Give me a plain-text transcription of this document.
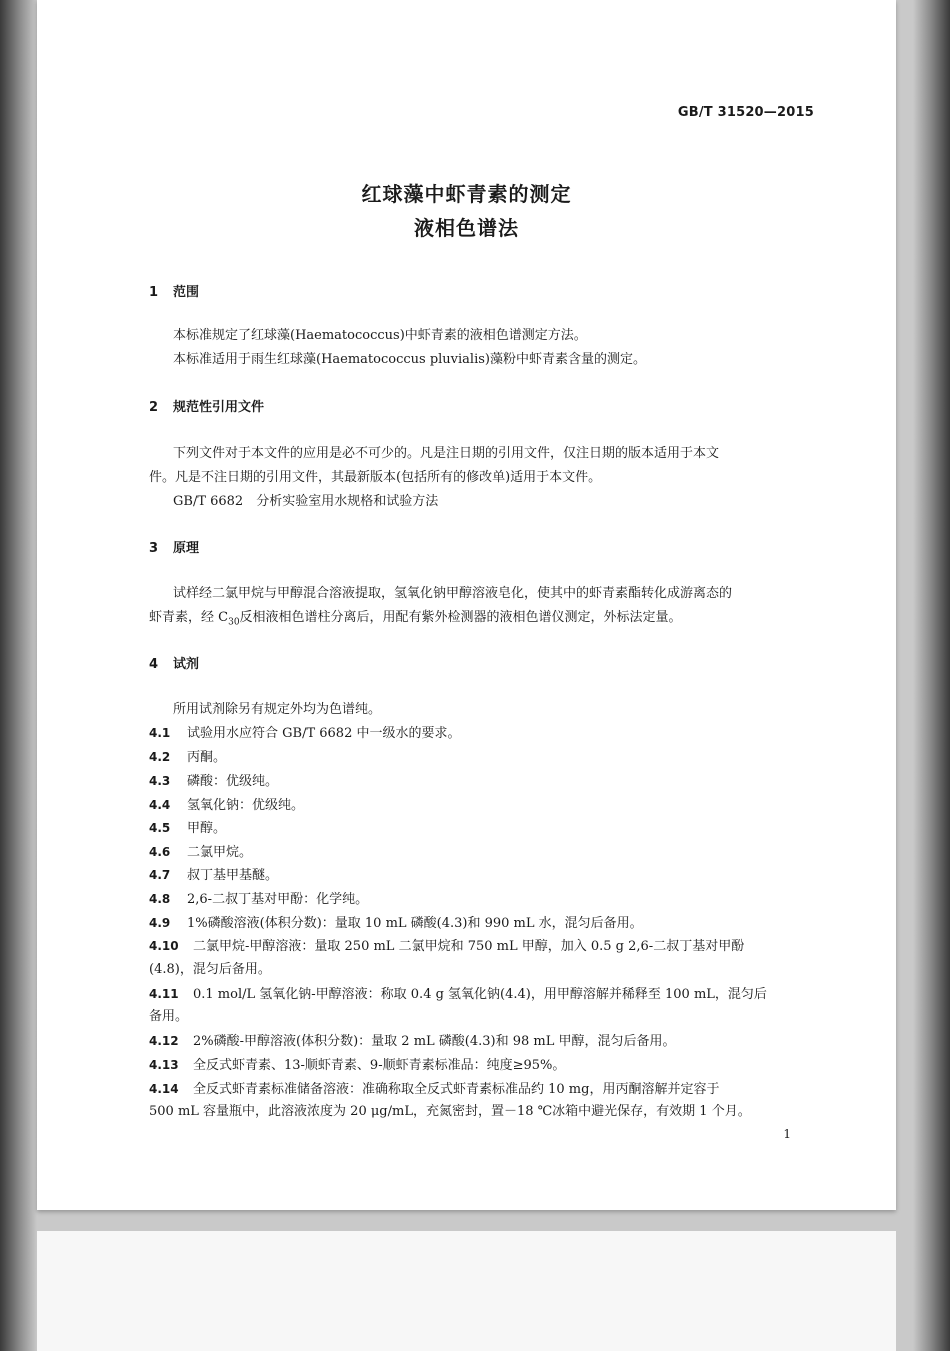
GB/T 31520—2015
红球藻中虾青素的测定
液相色谱法
1 范围
本标准规定了红球藻(Haematococcus)中虾青素的液相色谱测定方法。
本标准适用于雨生红球藻(Haematococcus pluvialis)藻粉中虾青素含量的测定。
2 规范性引用文件
下列文件对于本文件的应用是必不可少的。凡是注日期的引用文件，仅注日期的版本适用于本文
件。凡是不注日期的引用文件，其最新版本(包括所有的修改单)适用于本文件。
GB/T 6682　分析实验室用水规格和试验方法
3 原理
试样经二氯甲烷与甲醇混合溶液提取，氢氧化钠甲醇溶液皂化，使其中的虾青素酯转化成游离态的
虾青素，经 $C_{30}$反相液相色谱柱分离后，用配有紫外检测器的液相色谱仪测定，外标法定量。
4 试剂
所用试剂除另有规定外均为色谱纯。
4.1 试验用水应符合 GB/T 6682 中一级水的要求。
4.2 丙酮。
4.3 磷酸：优级纯。
4.4 氢氧化钠：优级纯。
4.5 甲醇。
4.6 二氯甲烷。
4.7 叔丁基甲基醚。
4.8 2,6-二叔丁基对甲酚：化学纯。
4.9 1%磷酸溶液(体积分数)：量取 10 mL 磷酸(4.3)和 990 mL 水，混匀后备用。
4.10 二氯甲烷-甲醇溶液：量取 250 mL 二氯甲烷和 750 mL 甲醇，加入 0.5 g 2,6-二叔丁基对甲酚
(4.8)，混匀后备用。
4.11 0.1 mol/L 氢氧化钠-甲醇溶液：称取 0.4 g 氢氧化钠(4.4)，用甲醇溶解并稀释至 100 mL，混匀后
备用。
4.12 2%磷酸-甲醇溶液(体积分数)：量取 2 mL 磷酸(4.3)和 98 mL 甲醇，混匀后备用。
4.13 全反式虾青素、13-顺虾青素、9-顺虾青素标准品：纯度≥95%。
4.14 全反式虾青素标准储备溶液：准确称取全反式虾青素标准品约 10 mg，用丙酮溶解并定容于
500 mL 容量瓶中，此溶液浓度为 20 μg/mL，充氮密封，置－18 ℃冰箱中避光保存，有效期 1 个月。
1
